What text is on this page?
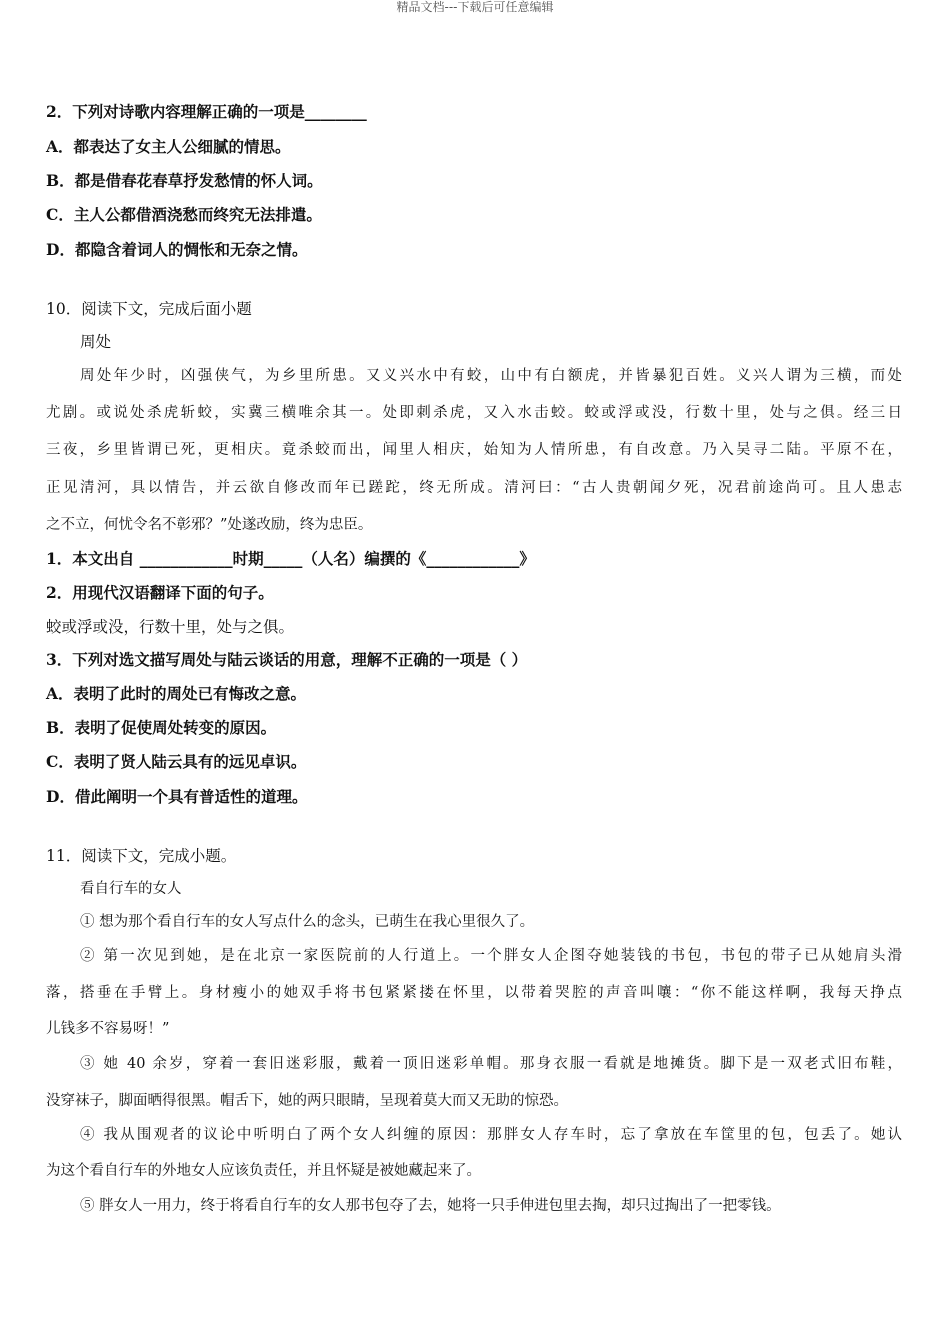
精品文档---下载后可任意编辑
2．下列对诗歌内容理解正确的一项是________
A．都表达了女主人公细腻的情思。
B．都是借春花春草抒发愁情的怀人词。
C．主人公都借酒浇愁而终究无法排遣。
D．都隐含着词人的惆怅和无奈之情。
10．阅读下文，完成后面小题
周处
周处年少时，凶强侠气，为乡里所患。又义兴水中有蛟，山中有白额虎，并皆暴犯百姓。义兴人谓为三横，而处
尤剧。或说处杀虎斩蛟，实冀三横唯余其一。处即刺杀虎，又入水击蛟。蛟或浮或没，行数十里，处与之俱。经三日
三夜，乡里皆谓已死，更相庆。竟杀蛟而出，闻里人相庆，始知为人情所患，有自改意。乃入吴寻二陆。平原不在，
正见清河，具以情告，并云欲自修改而年已蹉跎，终无所成。清河曰：“古人贵朝闻夕死，况君前途尚可。且人患志
之不立，何忧令名不彰邪？”处遂改励，终为忠臣。
1．本文出自 ____________时期_____（人名）编撰的《____________》
2．用现代汉语翻译下面的句子。
蛟或浮或没，行数十里，处与之俱。
3．下列对选文描写周处与陆云谈话的用意，理解不正确的一项是（ ）
A．表明了此时的周处已有悔改之意。
B．表明了促使周处转变的原因。
C．表明了贤人陆云具有的远见卓识。
D．借此阐明一个具有普适性的道理。
11．阅读下文，完成小题。
看自行车的女人
① 想为那个看自行车的女人写点什么的念头，已萌生在我心里很久了。
② 第一次见到她，是在北京一家医院前的人行道上。一个胖女人企图夺她装钱的书包，书包的带子已从她肩头滑
落，搭垂在手臂上。身材瘦小的她双手将书包紧紧搂在怀里，以带着哭腔的声音叫嚷：“你不能这样啊，我每天挣点
儿钱多不容易呀！”
③ 她 40 余岁，穿着一套旧迷彩服，戴着一顶旧迷彩单帽。那身衣服一看就是地摊货。脚下是一双老式旧布鞋，
没穿袜子，脚面晒得很黑。帽舌下，她的两只眼睛，呈现着莫大而又无助的惊恐。
④ 我从围观者的议论中听明白了两个女人纠缠的原因：那胖女人存车时，忘了拿放在车筐里的包，包丢了。她认
为这个看自行车的外地女人应该负责任，并且怀疑是被她藏起来了。
⑤ 胖女人一用力，终于将看自行车的女人那书包夺了去，她将一只手伸进包里去掏，却只过掏出了一把零钱。
